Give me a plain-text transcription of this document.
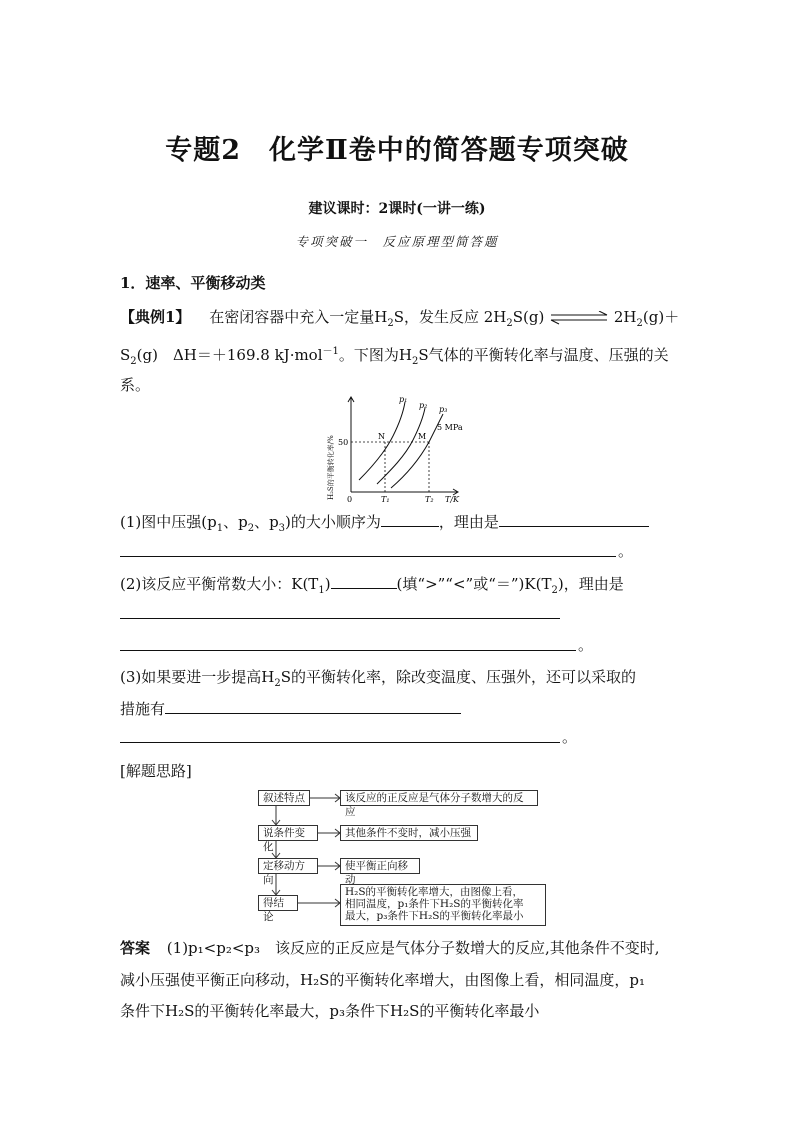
专题2　化学Ⅱ卷中的简答题专项突破
建议课时：2课时(一讲一练)
专项突破一　反应原理型简答题
1．速率、平衡移动类
【典例1】 在密闭容器中充入一定量$H_2S$，发生反应 $2H_2S(g)$ ⇌ $2H_2(g)+$
$S_2(g)$　ΔH＝＋169.8 kJ·mol$^{-1}$。下图为$H_2S$气体的平衡转化率与温度、压强的关
系。
H₂S的平衡转化率/% 50
0	T/K
T₁	T₂
p₁
p₂ p₃
5 MPa
N	M
(1)图中压强($p_1$、$p_2$、$p_3$)的大小顺序为	，理由是
。
(2)该反应平衡常数大小：$K(T_1)$	(填“>”“<”或“$=”)K(T_2)$，理由是
。
(3)如果要进一步提高$H_2S$的平衡转化率，除改变温度、压强外，还可以采取的
措施有
。
[解题思路]
叙述特点
说条件变化
定移动方向
得结论
该反应的正反应是气体分子数增大的反应
其他条件不变时，减小压强
使平衡正向移动
H₂S的平衡转化率增大，由图像上看，
相同温度，p₁条件下H₂S的平衡转化率
最大，p₃条件下H₂S的平衡转化率最小
答案 (1)p₁<p₂<p₃　该反应的正反应是气体分子数增大的反应,其他条件不变时,
减小压强使平衡正向移动，H₂S的平衡转化率增大，由图像上看，相同温度，p₁
条件下H₂S的平衡转化率最大，p₃条件下H₂S的平衡转化率最小
